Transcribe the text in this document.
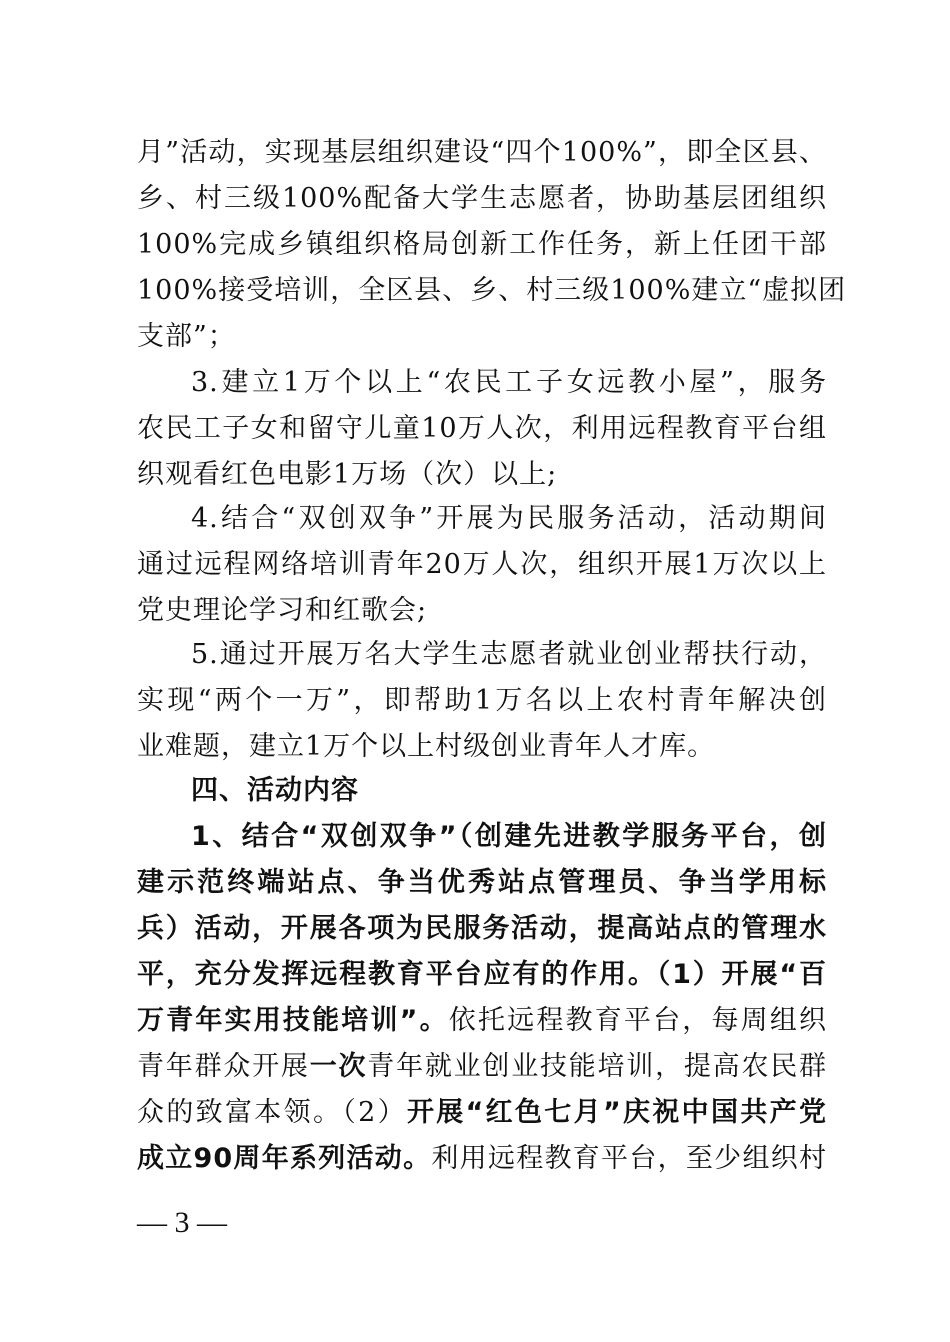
月”活动，实现基层组织建设“四个100%”，即全区县、
乡、村三级100%配备大学生志愿者，协助基层团组织
100%完成乡镇组织格局创新工作任务，新上任团干部
100%接受培训，全区县、乡、村三级100%建立“虚拟团
支部”；
3.建立1万个以上“农民工子女远教小屋”，服务
农民工子女和留守儿童10万人次，利用远程教育平台组
织观看红色电影1万场（次）以上;
4.结合“双创双争”开展为民服务活动，活动期间
通过远程网络培训青年20万人次，组织开展1万次以上
党史理论学习和红歌会;
5.通过开展万名大学生志愿者就业创业帮扶行动，
实现“两个一万”，即帮助1万名以上农村青年解决创
业难题，建立1万个以上村级创业青年人才库。
四、活动内容
1、结合“双创双争”（创建先进教学服务平台，创
建示范终端站点、争当优秀站点管理员、争当学用标
兵）活动，开展各项为民服务活动，提高站点的管理水
平，充分发挥远程教育平台应有的作用。（1）开展“百
万青年实用技能培训”。依托远程教育平台，每周组织
青年群众开展一次青年就业创业技能培训，提高农民群
众的致富本领。（2）开展“红色七月”庆祝中国共产党
成立90周年系列活动。利用远程教育平台，至少组织村
— 3 —
